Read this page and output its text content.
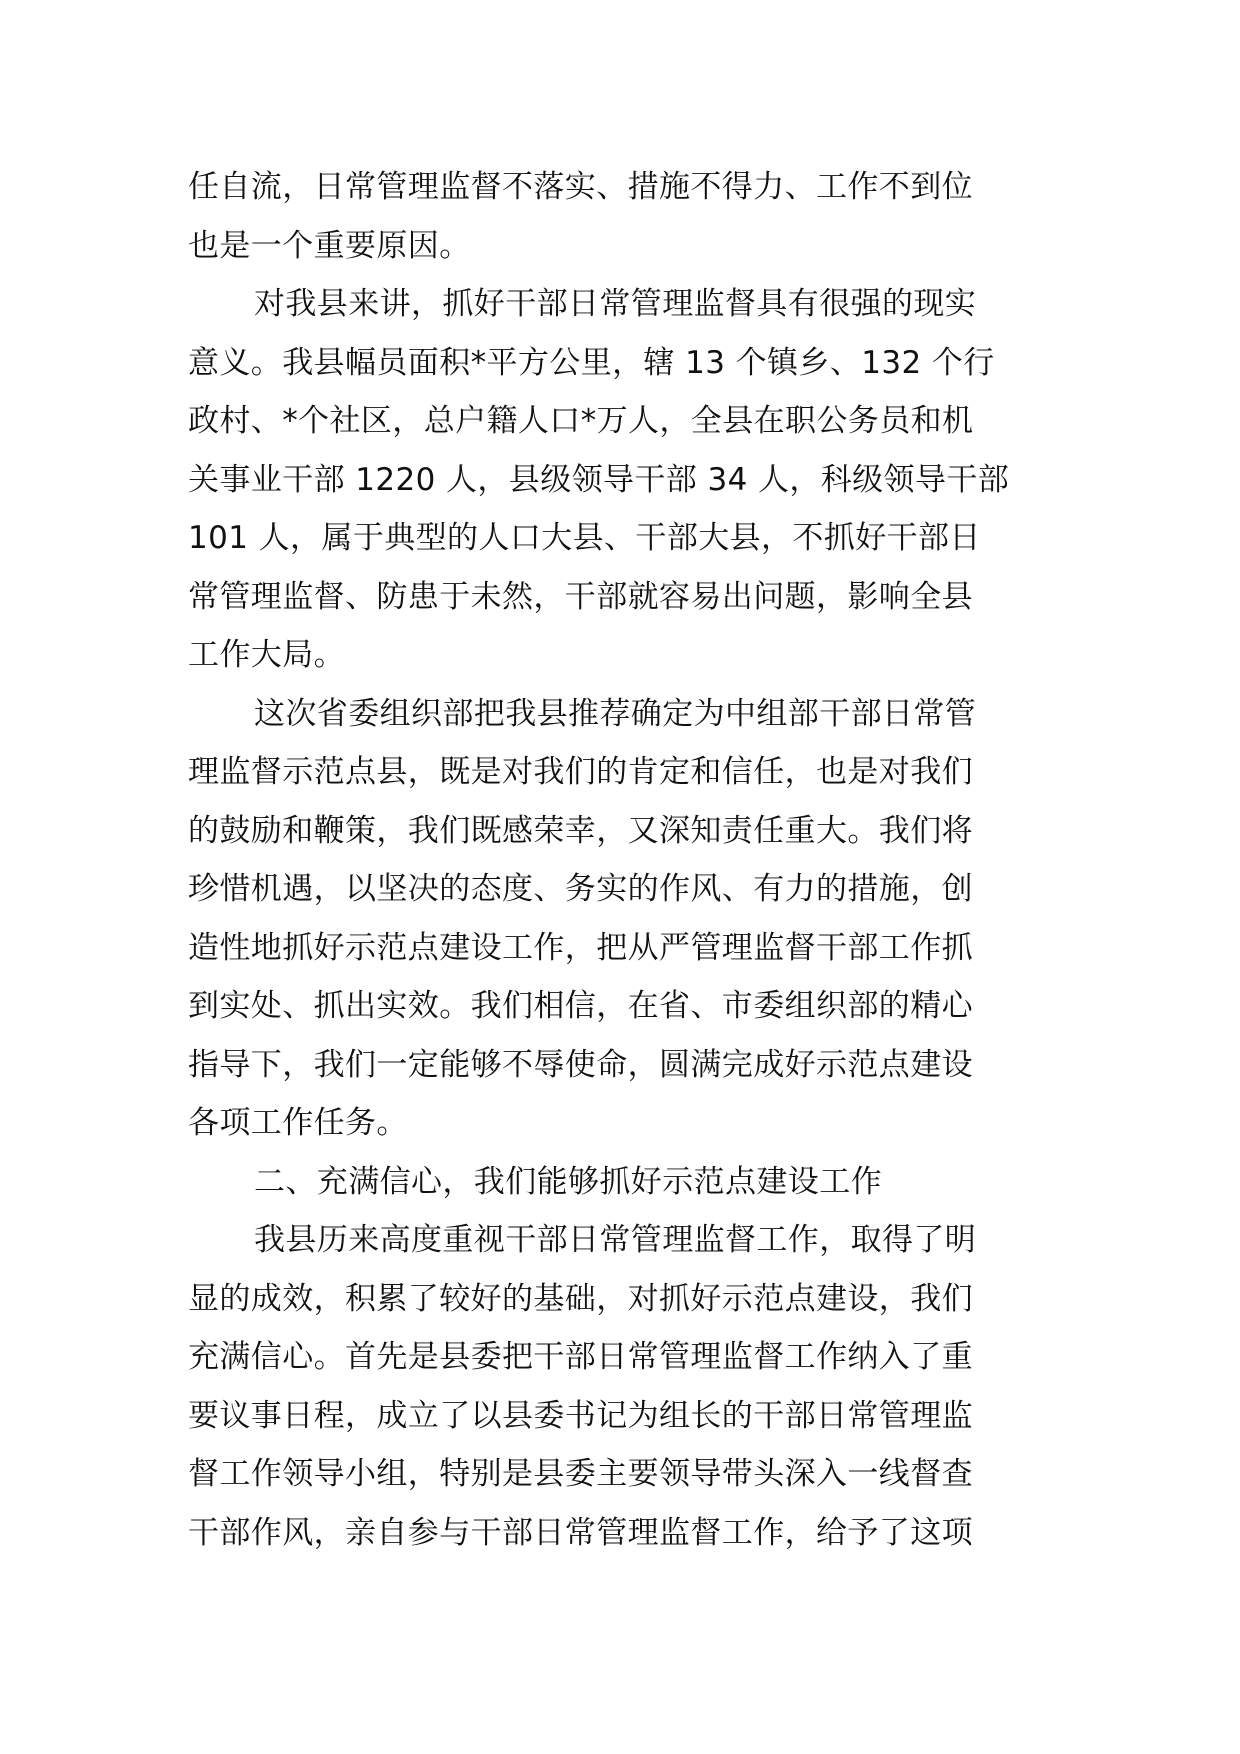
任自流，日常管理监督不落实、措施不得力、工作不到位
也是一个重要原因。
对我县来讲，抓好干部日常管理监督具有很强的现实
意义。我县幅员面积*平方公里，辖 13 个镇乡、132 个行
政村、*个社区，总户籍人口*万人，全县在职公务员和机
关事业干部 1220 人，县级领导干部 34 人，科级领导干部
101 人，属于典型的人口大县、干部大县，不抓好干部日
常管理监督、防患于未然，干部就容易出问题，影响全县
工作大局。
这次省委组织部把我县推荐确定为中组部干部日常管
理监督示范点县，既是对我们的肯定和信任，也是对我们
的鼓励和鞭策，我们既感荣幸，又深知责任重大。我们将
珍惜机遇，以坚决的态度、务实的作风、有力的措施，创
造性地抓好示范点建设工作，把从严管理监督干部工作抓
到实处、抓出实效。我们相信，在省、市委组织部的精心
指导下，我们一定能够不辱使命，圆满完成好示范点建设
各项工作任务。
二、充满信心，我们能够抓好示范点建设工作
我县历来高度重视干部日常管理监督工作，取得了明
显的成效，积累了较好的基础，对抓好示范点建设，我们
充满信心。首先是县委把干部日常管理监督工作纳入了重
要议事日程，成立了以县委书记为组长的干部日常管理监
督工作领导小组，特别是县委主要领导带头深入一线督查
干部作风，亲自参与干部日常管理监督工作，给予了这项
